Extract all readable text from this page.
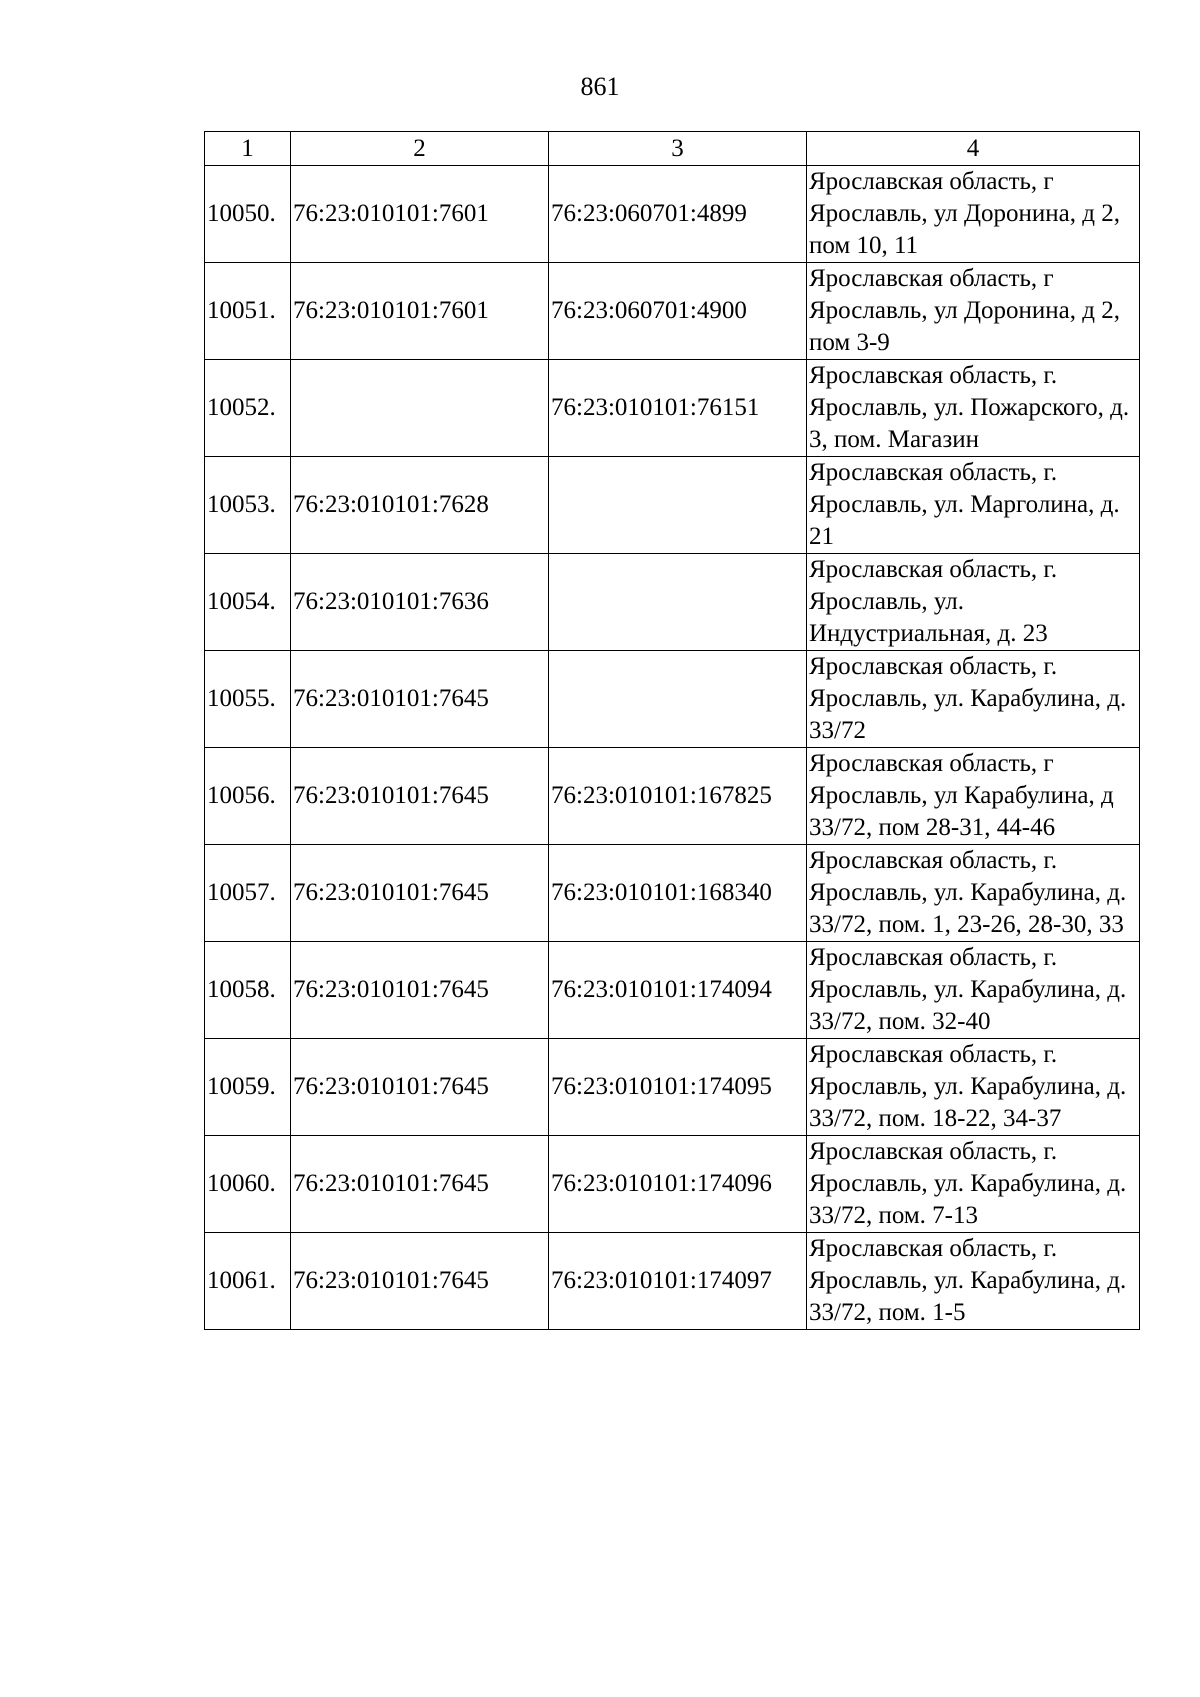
861
1	2	3	4
10050.	76:23:010101:7601	76:23:060701:4899	Ярославская область, г Ярославль, ул Доронина, д 2, пом 10, 11
10051.	76:23:010101:7601	76:23:060701:4900	Ярославская область, г Ярославль, ул Доронина, д 2, пом 3-9
10052.		76:23:010101:76151	Ярославская область, г. Ярославль, ул. Пожарского, д. 3, пом. Магазин
10053.	76:23:010101:7628		Ярославская область, г. Ярославль, ул. Марголина, д. 21
10054.	76:23:010101:7636		Ярославская область, г. Ярославль, ул. Индустриальная, д. 23
10055.	76:23:010101:7645		Ярославская область, г. Ярославль, ул. Карабулина, д. 33/72
10056.	76:23:010101:7645	76:23:010101:167825	Ярославская область, г Ярославль, ул Карабулина, д 33/72, пом 28-31, 44-46
10057.	76:23:010101:7645	76:23:010101:168340	Ярославская область, г. Ярославль, ул. Карабулина, д. 33/72, пом. 1, 23-26, 28-30, 33
10058.	76:23:010101:7645	76:23:010101:174094	Ярославская область, г. Ярославль, ул. Карабулина, д. 33/72, пом. 32-40
10059.	76:23:010101:7645	76:23:010101:174095	Ярославская область, г. Ярославль, ул. Карабулина, д. 33/72, пом. 18-22, 34-37
10060.	76:23:010101:7645	76:23:010101:174096	Ярославская область, г. Ярославль, ул. Карабулина, д. 33/72, пом. 7-13
10061.	76:23:010101:7645	76:23:010101:174097	Ярославская область, г. Ярославль, ул. Карабулина, д. 33/72, пом. 1-5
